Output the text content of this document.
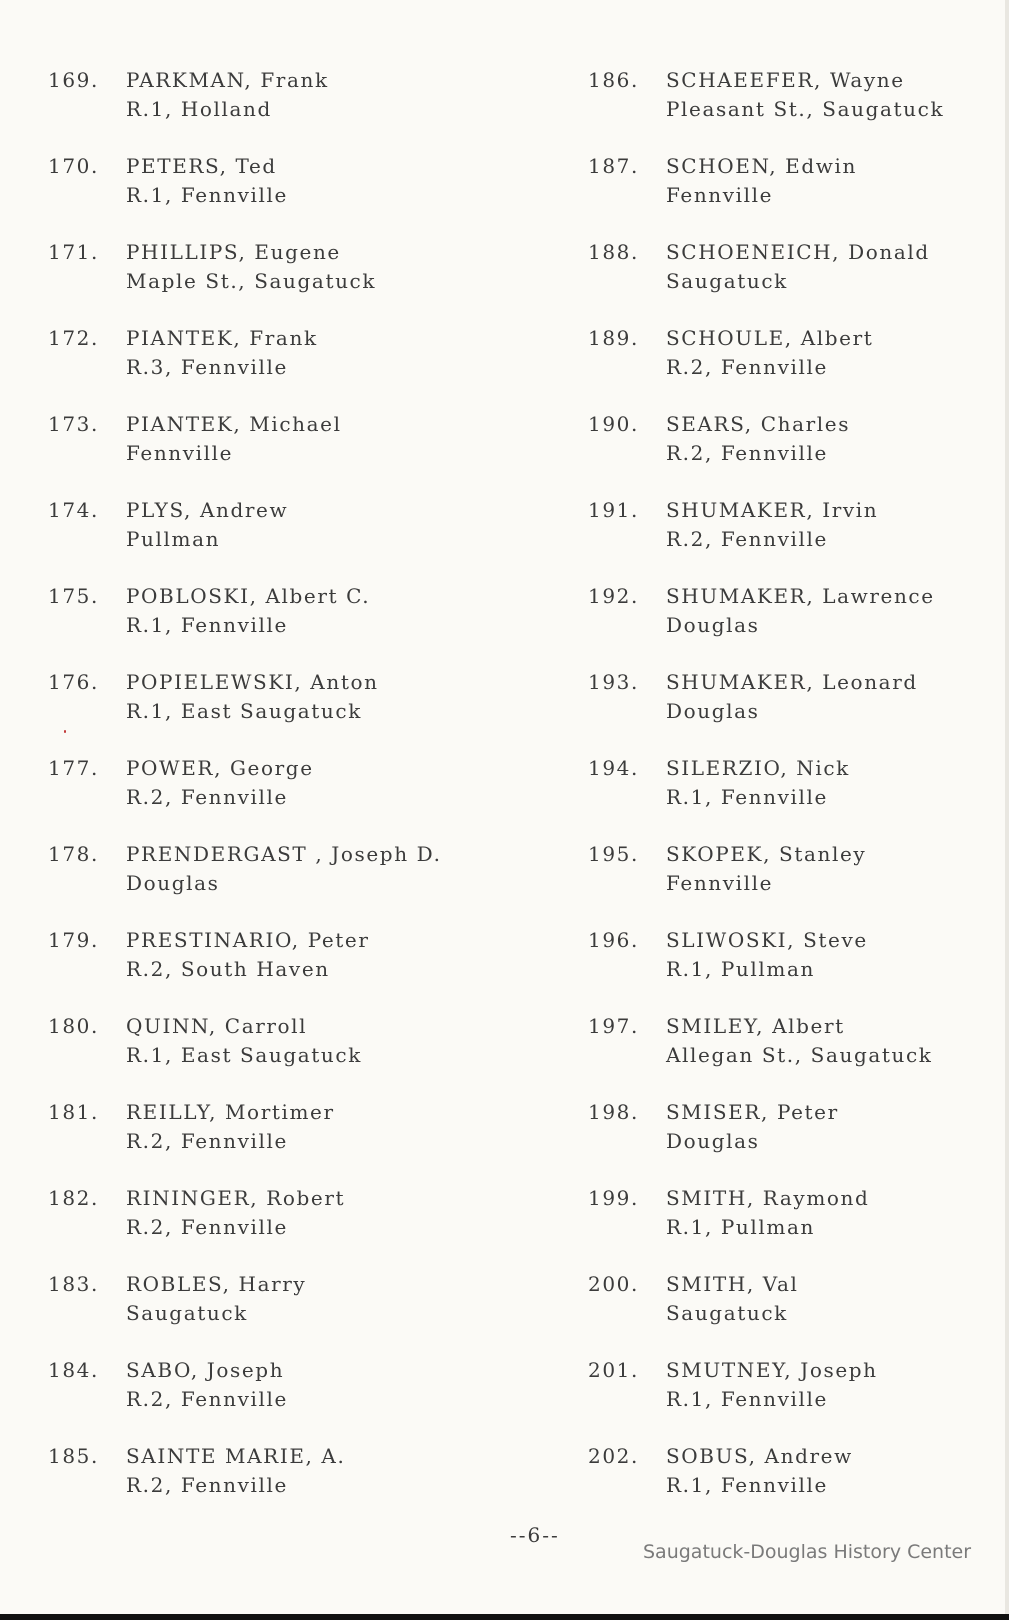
169.	PARKMAN, Frank
R.1, Holland
170.	PETERS, Ted
R.1, Fennville
171.	PHILLIPS, Eugene
Maple St., Saugatuck
172.	PIANTEK, Frank
R.3, Fennville
173.	PIANTEK, Michael
Fennville
174.	PLYS, Andrew
Pullman
175.	POBLOSKI, Albert C.
R.1, Fennville
176.	POPIELEWSKI, Anton
R.1, East Saugatuck
177.	POWER, George
R.2, Fennville
178.	PRENDERGAST , Joseph D.
Douglas
179.	PRESTINARIO, Peter
R.2, South Haven
180.	QUINN, Carroll
R.1, East Saugatuck
181.	REILLY, Mortimer
R.2, Fennville
182.	RININGER, Robert
R.2, Fennville
183.	ROBLES, Harry
Saugatuck
184.	SABO, Joseph
R.2, Fennville
185.	SAINTE MARIE, A.
R.2, Fennville
186.	SCHAEEFER, Wayne
Pleasant St., Saugatuck
187.	SCHOEN, Edwin
Fennville
188.	SCHOENEICH, Donald
Saugatuck
189.	SCHOULE, Albert
R.2, Fennville
190.	SEARS, Charles
R.2, Fennville
191.	SHUMAKER, Irvin
R.2, Fennville
192.	SHUMAKER, Lawrence
Douglas
193.	SHUMAKER, Leonard
Douglas
194.	SILERZIO, Nick
R.1, Fennville
195.	SKOPEK, Stanley
Fennville
196.	SLIWOSKI, Steve
R.1, Pullman
197.	SMILEY, Albert
Allegan St., Saugatuck
198.	SMISER, Peter
Douglas
199.	SMITH, Raymond
R.1, Pullman
200.	SMITH, Val
Saugatuck
201.	SMUTNEY, Joseph
R.1, Fennville
202.	SOBUS, Andrew
R.1, Fennville
--6--
Saugatuck-Douglas History Center
